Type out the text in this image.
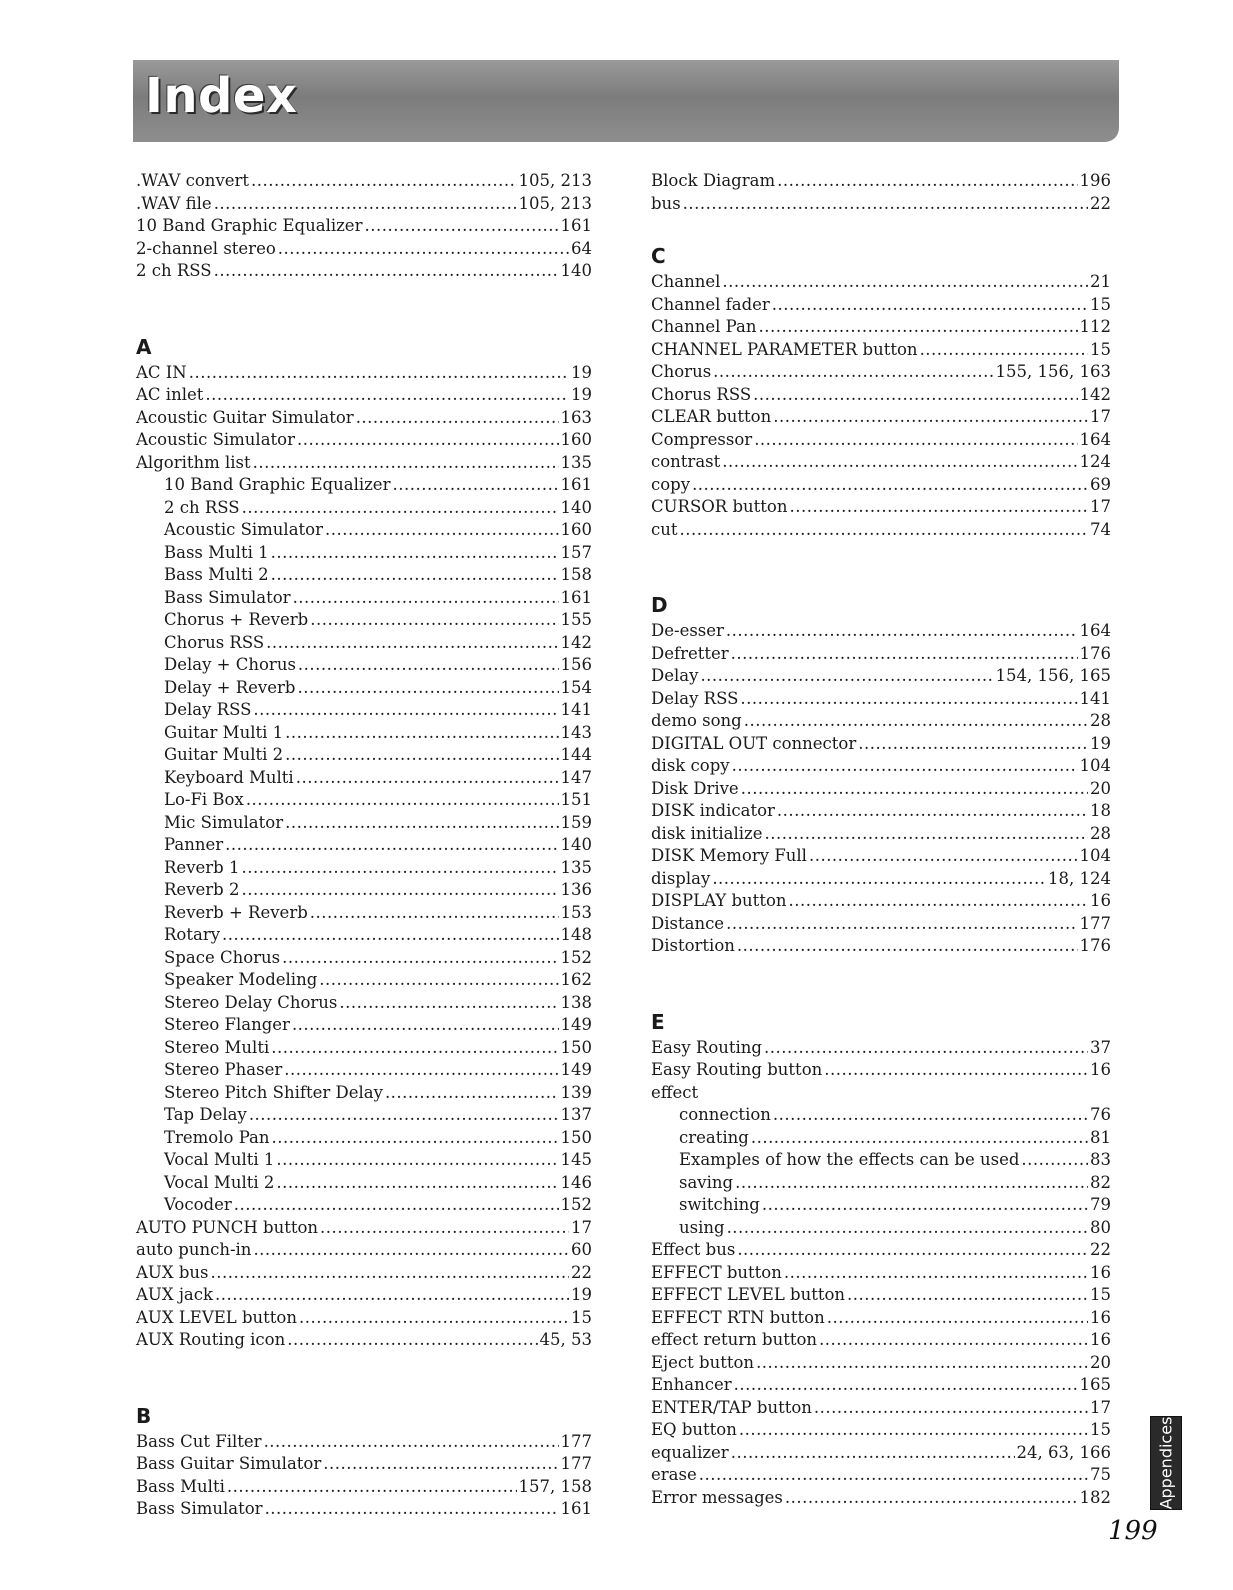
Index
.WAV convert .....	105, 213
.WAV file .....	105, 213
10 Band Graphic Equalizer .....	161
2-channel stereo .....	64
2 ch RSS .....	140
A
AC IN .....	19
AC inlet .....	19
Acoustic Guitar Simulator .....	163
Acoustic Simulator .....	160
Algorithm list .....	135
10 Band Graphic Equalizer .....	161
2 ch RSS .....	140
Acoustic Simulator .....	160
Bass Multi 1 .....	157
Bass Multi 2 .....	158
Bass Simulator .....	161
Chorus + Reverb .....	155
Chorus RSS .....	142
Delay + Chorus .....	156
Delay + Reverb .....	154
Delay RSS .....	141
Guitar Multi 1 .....	143
Guitar Multi 2 .....	144
Keyboard Multi .....	147
Lo-Fi Box .....	151
Mic Simulator .....	159
Panner .....	140
Reverb 1 .....	135
Reverb 2 .....	136
Reverb + Reverb .....	153
Rotary .....	148
Space Chorus .....	152
Speaker Modeling .....	162
Stereo Delay Chorus .....	138
Stereo Flanger .....	149
Stereo Multi .....	150
Stereo Phaser .....	149
Stereo Pitch Shifter Delay .....	139
Tap Delay .....	137
Tremolo Pan .....	150
Vocal Multi 1 .....	145
Vocal Multi 2 .....	146
Vocoder .....	152
AUTO PUNCH button .....	17
auto punch-in .....	60
AUX bus .....	22
AUX jack .....	19
AUX LEVEL button .....	15
AUX Routing icon .....	45, 53
B
Bass Cut Filter .....	177
Bass Guitar Simulator .....	177
Bass Multi .....	157, 158
Bass Simulator .....	161
Block Diagram .....	196
bus .....	22
C
Channel .....	21
Channel fader .....	15
Channel Pan .....	112
CHANNEL PARAMETER button .....	15
Chorus .....	155, 156, 163
Chorus RSS .....	142
CLEAR button .....	17
Compressor .....	164
contrast .....	124
copy .....	69
CURSOR button .....	17
cut .....	74
D
De-esser .....	164
Defretter .....	176
Delay .....	154, 156, 165
Delay RSS .....	141
demo song .....	28
DIGITAL OUT connector .....	19
disk copy .....	104
Disk Drive .....	20
DISK indicator .....	18
disk initialize .....	28
DISK Memory Full .....	104
display .....	18, 124
DISPLAY button .....	16
Distance .....	177
Distortion .....	176
E
Easy Routing .....	37
Easy Routing button .....	16
effect
connection .....	76
creating .....	81
Examples of how the effects can be used .....	83
saving .....	82
switching .....	79
using .....	80
Effect bus .....	22
EFFECT button .....	16
EFFECT LEVEL button .....	15
EFFECT RTN button .....	16
effect return button .....	16
Eject button .....	20
Enhancer .....	165
ENTER/TAP button .....	17
EQ button .....	15
equalizer .....	24, 63, 166
erase .....	75
Error messages .....	182	Appendices
199
